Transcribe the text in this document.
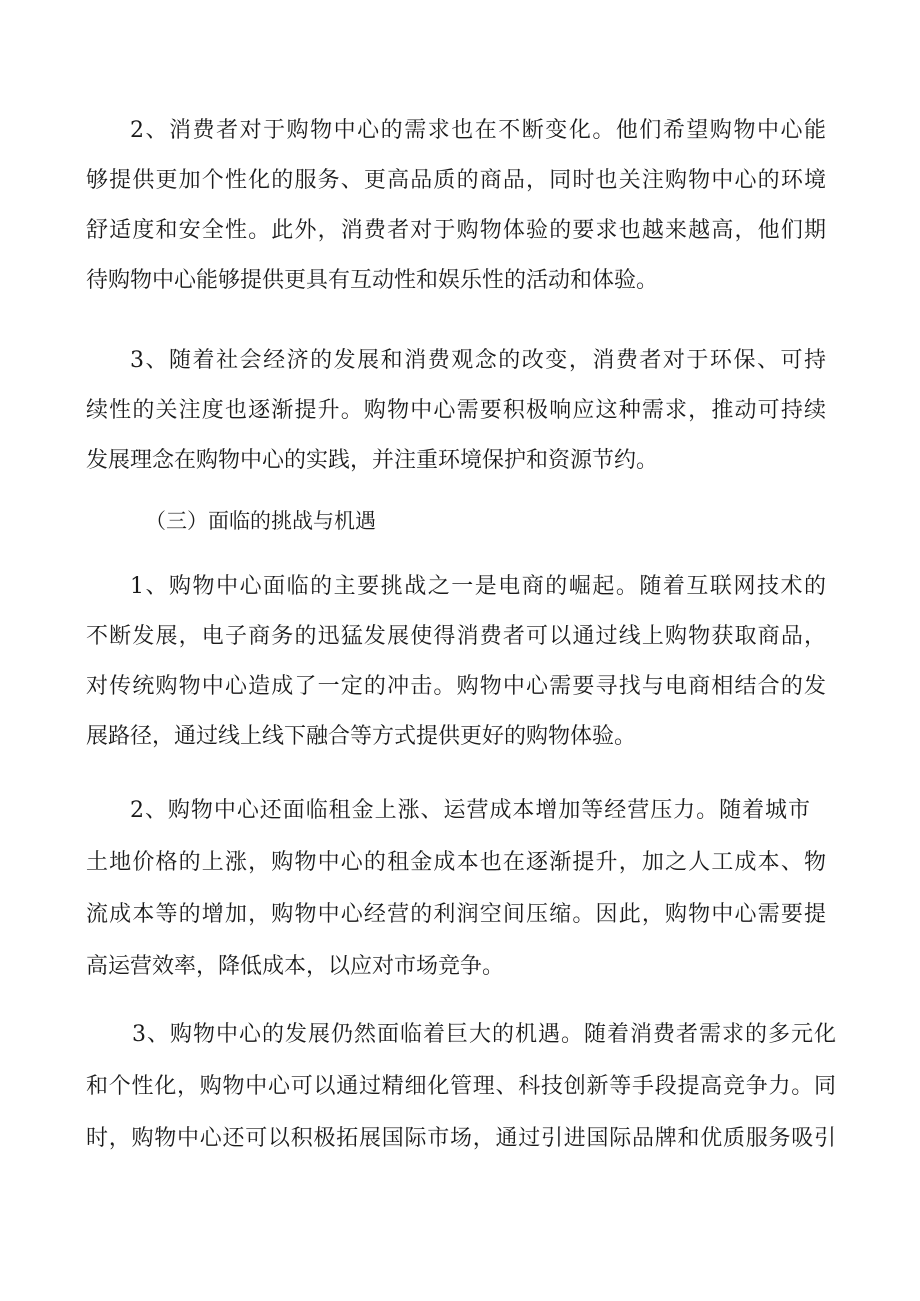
2、消费者对于购物中心的需求也在不断变化。他们希望购物中心能
够提供更加个性化的服务、更高品质的商品，同时也关注购物中心的环境
舒适度和安全性。此外，消费者对于购物体验的要求也越来越高，他们期
待购物中心能够提供更具有互动性和娱乐性的活动和体验。
3、随着社会经济的发展和消费观念的改变，消费者对于环保、可持
续性的关注度也逐渐提升。购物中心需要积极响应这种需求，推动可持续
发展理念在购物中心的实践，并注重环境保护和资源节约。
（三）面临的挑战与机遇
1、购物中心面临的主要挑战之一是电商的崛起。随着互联网技术的
不断发展，电子商务的迅猛发展使得消费者可以通过线上购物获取商品，
对传统购物中心造成了一定的冲击。购物中心需要寻找与电商相结合的发
展路径，通过线上线下融合等方式提供更好的购物体验。
2、购物中心还面临租金上涨、运营成本增加等经营压力。随着城市
土地价格的上涨，购物中心的租金成本也在逐渐提升，加之人工成本、物
流成本等的增加，购物中心经营的利润空间压缩。因此，购物中心需要提
高运营效率，降低成本，以应对市场竞争。
3、购物中心的发展仍然面临着巨大的机遇。随着消费者需求的多元化
和个性化，购物中心可以通过精细化管理、科技创新等手段提高竞争力。同
时，购物中心还可以积极拓展国际市场，通过引进国际品牌和优质服务吸引
